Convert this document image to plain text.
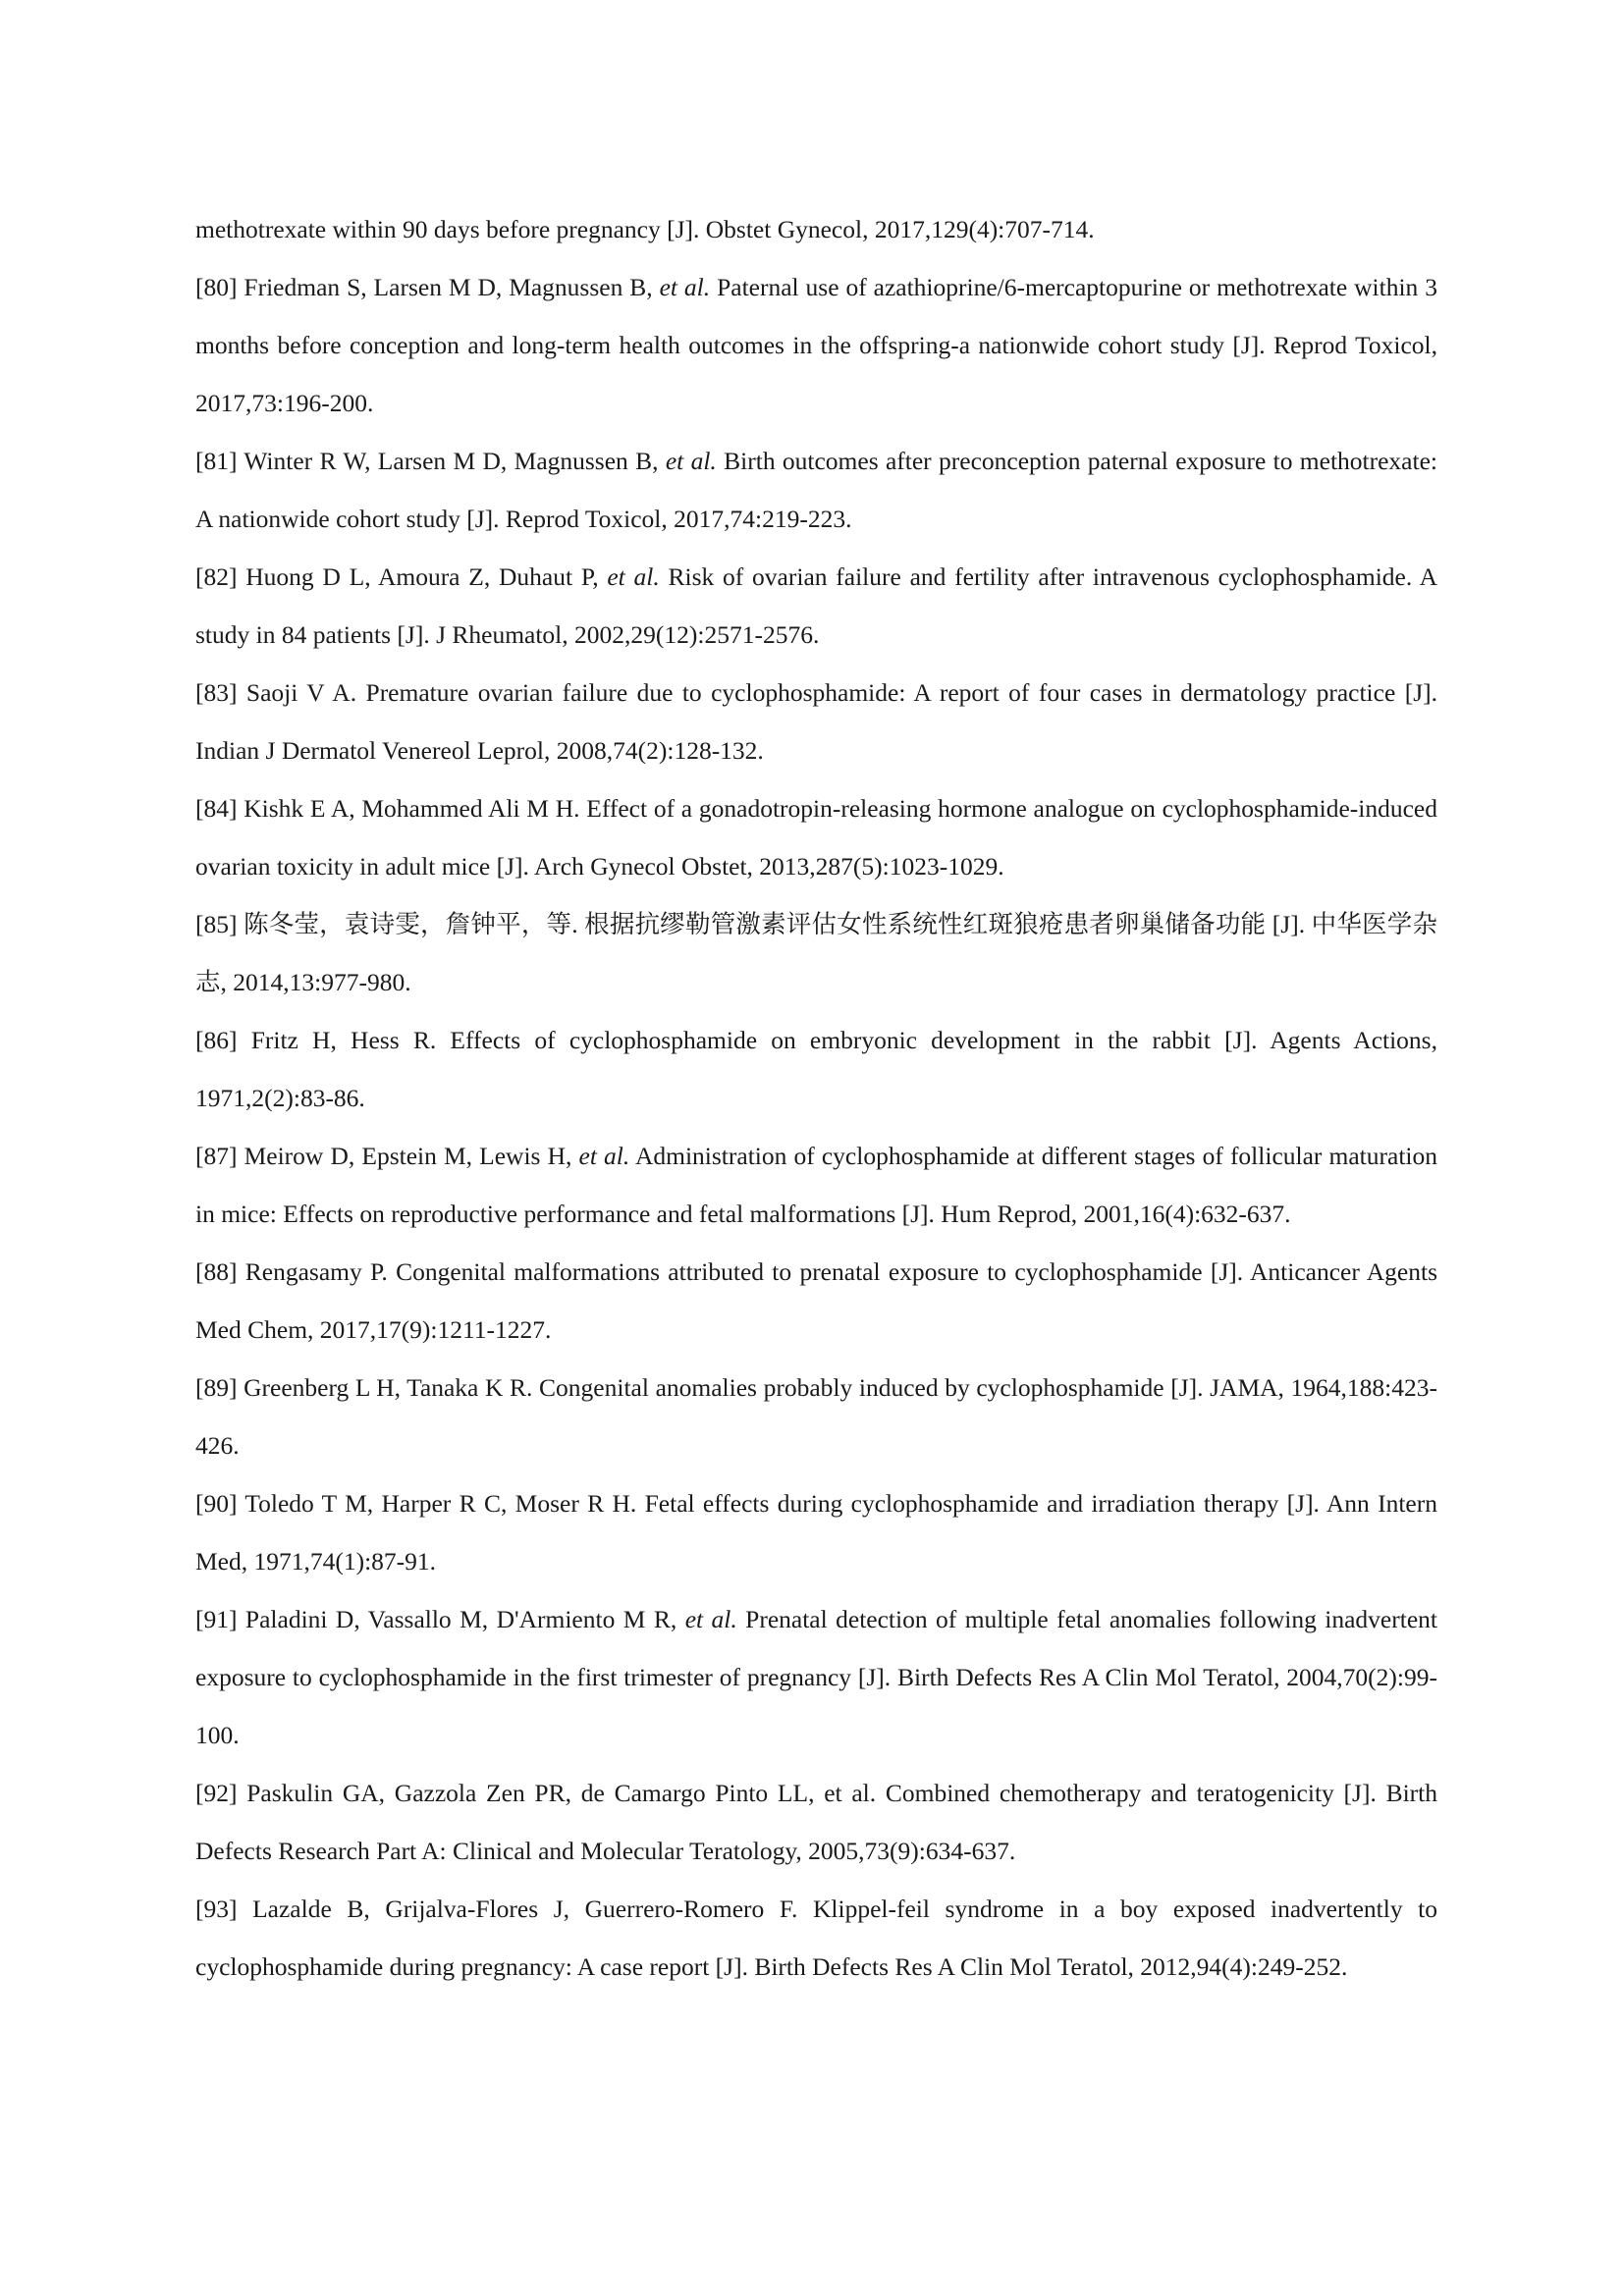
methotrexate within 90 days before pregnancy [J]. Obstet Gynecol, 2017,129(4):707-714.

[80] Friedman S, Larsen M D, Magnussen B, et al. Paternal use of azathioprine/6-mercaptopurine or methotrexate within 3 months before conception and long-term health outcomes in the offspring-a nationwide cohort study [J]. Reprod Toxicol, 2017,73:196-200.

[81] Winter R W, Larsen M D, Magnussen B, et al. Birth outcomes after preconception paternal exposure to methotrexate: A nationwide cohort study [J]. Reprod Toxicol, 2017,74:219-223.

[82] Huong D L, Amoura Z, Duhaut P, et al. Risk of ovarian failure and fertility after intravenous cyclophosphamide. A study in 84 patients [J]. J Rheumatol, 2002,29(12):2571-2576.

[83] Saoji V A. Premature ovarian failure due to cyclophosphamide: A report of four cases in dermatology practice [J]. Indian J Dermatol Venereol Leprol, 2008,74(2):128-132.

[84] Kishk E A, Mohammed Ali M H. Effect of a gonadotropin-releasing hormone analogue on cyclophosphamide-induced ovarian toxicity in adult mice [J]. Arch Gynecol Obstet, 2013,287(5):1023-1029.

[85] 陈冬莹，袁诗雯，詹钟平，等. 根据抗缪勒管激素评估女性系统性红斑狼疮患者卵巢储备功能 [J]. 中华医学杂志, 2014,13:977-980.

[86] Fritz H, Hess R. Effects of cyclophosphamide on embryonic development in the rabbit [J]. Agents Actions, 1971,2(2):83-86.

[87] Meirow D, Epstein M, Lewis H, et al. Administration of cyclophosphamide at different stages of follicular maturation in mice: Effects on reproductive performance and fetal malformations [J]. Hum Reprod, 2001,16(4):632-637.

[88] Rengasamy P. Congenital malformations attributed to prenatal exposure to cyclophosphamide [J]. Anticancer Agents Med Chem, 2017,17(9):1211-1227.

[89] Greenberg L H, Tanaka K R. Congenital anomalies probably induced by cyclophosphamide [J]. JAMA, 1964,188:423-426.

[90] Toledo T M, Harper R C, Moser R H. Fetal effects during cyclophosphamide and irradiation therapy [J]. Ann Intern Med, 1971,74(1):87-91.

[91] Paladini D, Vassallo M, D'Armiento M R, et al. Prenatal detection of multiple fetal anomalies following inadvertent exposure to cyclophosphamide in the first trimester of pregnancy [J]. Birth Defects Res A Clin Mol Teratol, 2004,70(2):99-100.

[92] Paskulin GA, Gazzola Zen PR, de Camargo Pinto LL, et al. Combined chemotherapy and teratogenicity [J]. Birth Defects Research Part A: Clinical and Molecular Teratology, 2005,73(9):634-637.

[93] Lazalde B, Grijalva-Flores J, Guerrero-Romero F. Klippel-feil syndrome in a boy exposed inadvertently to cyclophosphamide during pregnancy: A case report [J]. Birth Defects Res A Clin Mol Teratol, 2012,94(4):249-252.
